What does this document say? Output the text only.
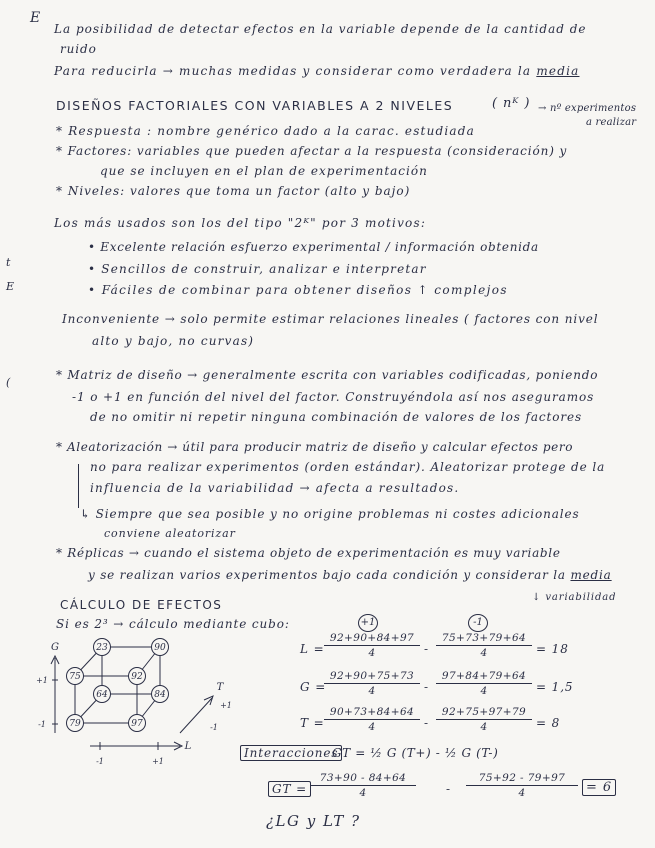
E
t
E
(
La posibilidad de detectar efectos en la variable depende de la cantidad de
ruido
Para reducirla → muchas medidas y considerar como verdadera la media
DISEÑOS FACTORIALES CON VARIABLES A 2 NIVELES	( nᴷ ) → nº experimentos
a realizar
* Respuesta : nombre genérico dado a la carac. estudiada
* Factores: variables que pueden afectar a la respuesta (consideración) y
que se incluyen en el plan de experimentación
* Niveles: valores que toma un factor (alto y bajo)
Los más usados son los del tipo "2ᴷ" por 3 motivos:
• Excelente relación esfuerzo experimental / información obtenida
• Sencillos de construir, analizar e interpretar
• Fáciles de combinar para obtener diseños ↑ complejos
Inconveniente → solo permite estimar relaciones lineales ( factores con nivel
alto y bajo, no curvas)
* Matriz de diseño → generalmente escrita con variables codificadas, poniendo
-1 o +1 en función del nivel del factor. Construyéndola así nos aseguramos
de no omitir ni repetir ninguna combinación de valores de los factores
* Aleatorización → útil para producir matriz de diseño y calcular efectos pero
no para realizar experimentos (orden estándar). Aleatorizar protege de la
influencia de la variabilidad → afecta a resultados.
↳ Siempre que sea posible y no origine problemas ni costes adicionales
conviene aleatorizar
* Réplicas → cuando el sistema objeto de experimentación es muy variable
y se realizan varios experimentos bajo cada condición y considerar la media
↓ variabilidad
CÁLCULO DE EFECTOS
Si es 2³ → cálculo mediante cubo:	+1	-1
79	97
75	92
23	90
64	84
G
L
T
+1
-1
-1	+1
+1
-1
$L = \frac{92+90+84+97}{4} - \frac{75+73+79+64}{4} = 18$
G =
$\frac{92+90+75+73}{4} - \frac{97+84+79+64}{4} = 1,5$
$T = \frac{90+73+84+64}{4} - \frac{92+75+97+79}{4} = 8$
Interacciones
GT = ½ G (T+) - ½ G (T-)
GT = $\frac{73+90 - 84+64}{4}$	- $\frac{75+92 - 79+97}{4} = 6$
¿LG y LT ?
